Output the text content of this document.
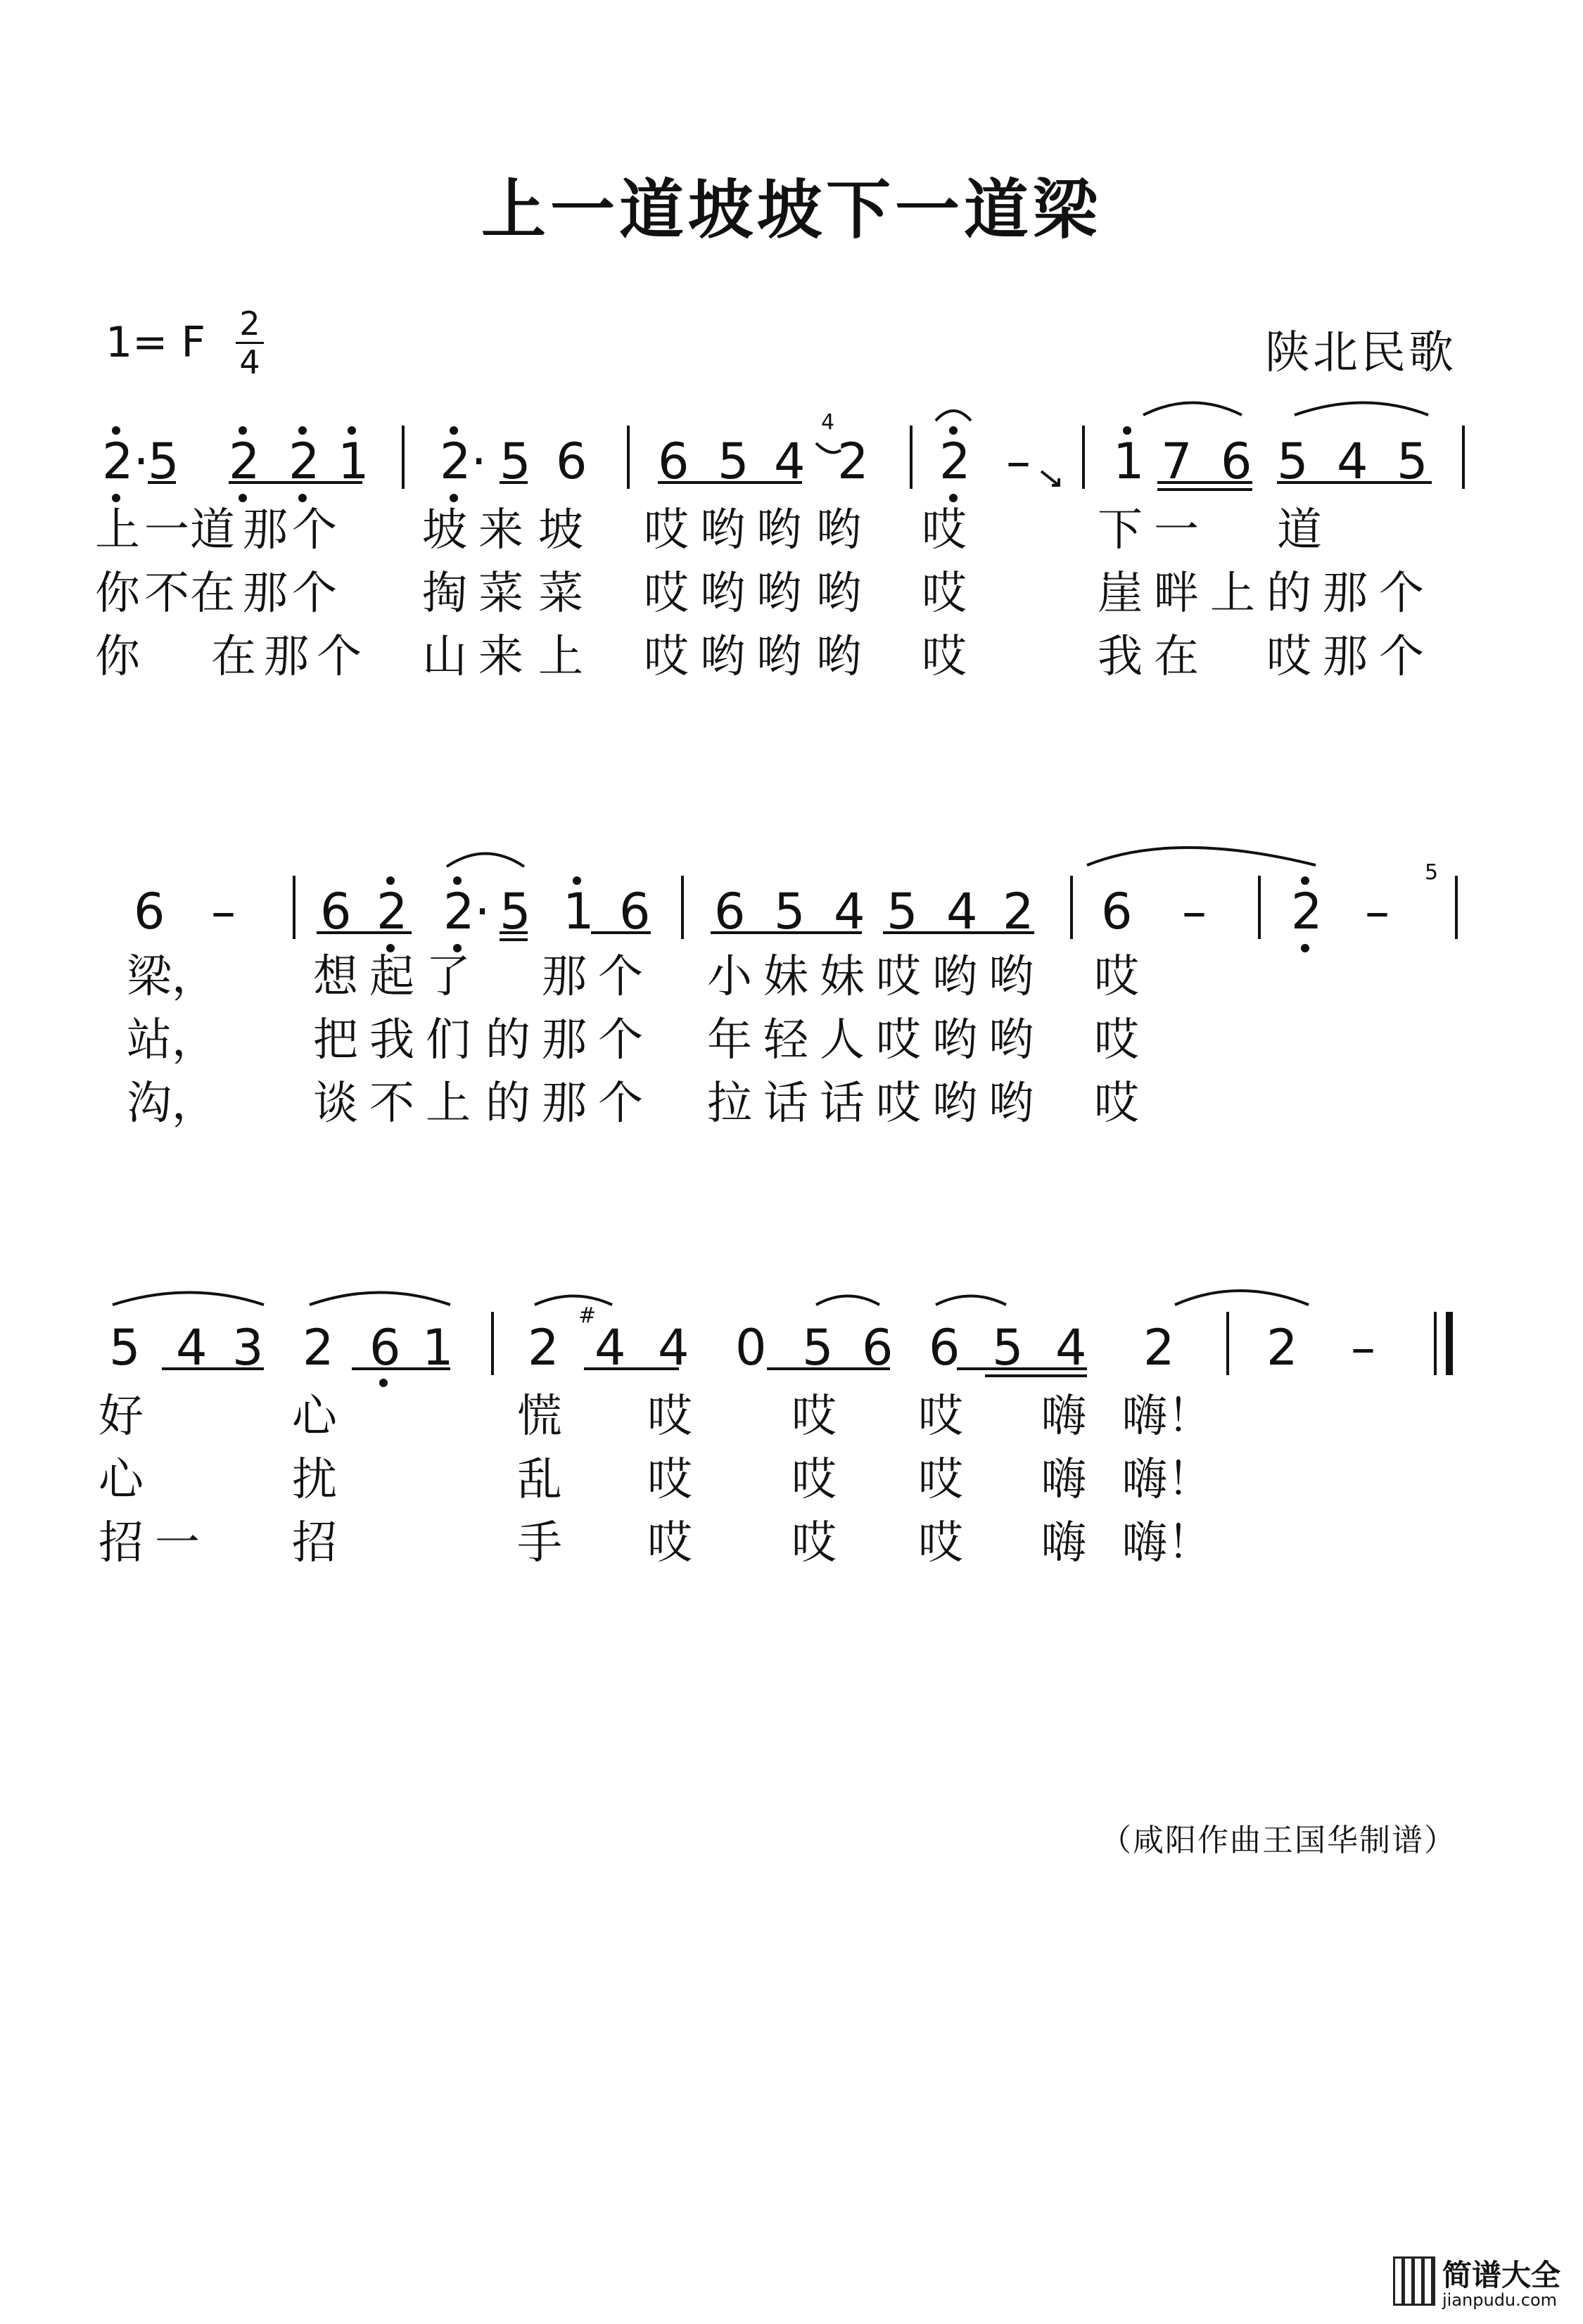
上一道坡坡下一道梁
1= F 2
4	陕北民歌
2·
5 2 2 1 2· 5 6 6 5 4 2 2 – 1 7 6 5 4 5
4
6 – 6 2 2· 5 1 6 6 5 4 5 4 2 6 – 2 –
5
5 4 3 2 6 1 2 4 4 0 5 6 6 5 4 2 2 –
#
上 一 道 那 个 坡 来 坡 哎 哟 哟 哟 哎	下 一 道
你 不 在 那 个 掏 菜 菜 哎 哟 哟 哟 哎	崖 畔 上 的 那 个
你 在 那 个 山 来 上 哎 哟 哟 哟 哎	我 在 哎 那 个
梁， 想 起 了 那 个 小 妹 妹 哎 哟 哟 哎
站， 把 我 们 的 那 个 年 轻 人 哎 哟 哟 哎
沟， 谈 不 上 的 那 个 拉 话 话 哎 哟 哟 哎
好	心	慌 哎 哎 哎 嗨 嗨！
心	扰	乱 哎 哎 哎 嗨 嗨！
招 一 招	手 哎 哎 哎 嗨 嗨！
（咸阳作曲王国华制谱）
简谱大全
jianpudu.com
